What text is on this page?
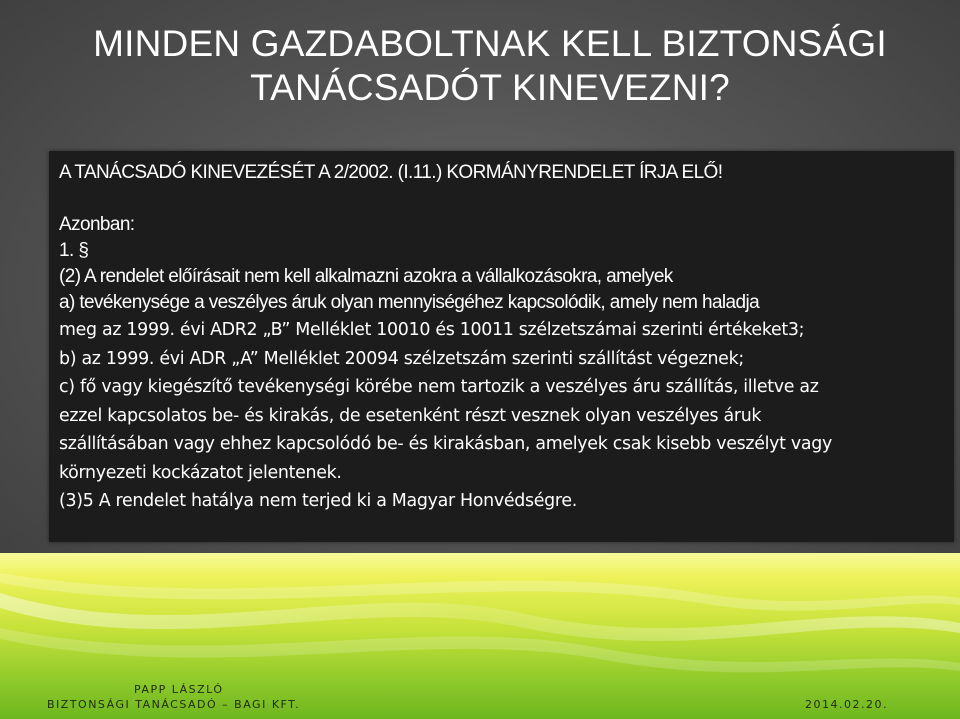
MINDEN GAZDABOLTNAK KELL BIZTONSÁGI
TANÁCSADÓT KINEVEZNI?

A TANÁCSADÓ KINEVEZÉSÉT A 2/2002. (I.11.) KORMÁNYRENDELET ÍRJA ELŐ!

Azonban:

1. §

(2) A rendelet előírásait nem kell alkalmazni azokra a vállalkozásokra, amelyek

a) tevékenysége a veszélyes áruk olyan mennyiségéhez kapcsolódik, amely nem haladja

meg az 1999. évi ADR2 „B” Melléklet 10010 és 10011 szélzetszámai szerinti értékeket3;

b) az 1999. évi ADR „A” Melléklet 20094 szélzetszám szerinti szállítást végeznek;

c) fő vagy kiegészítő tevékenységi körébe nem tartozik a veszélyes áru szállítás, illetve az

ezzel kapcsolatos be- és kirakás, de esetenként részt vesznek olyan veszélyes áruk

szállításában vagy ehhez kapcsolódó be- és kirakásban, amelyek csak kisebb veszélyt vagy

környezeti kockázatot jelentenek.

(3)5 A rendelet hatálya nem terjed ki a Magyar Honvédségre.

PAPP LÁSZLÓ
BIZTONSÁGI TANÁCSADÓ – BAGI KFT.	2014.02.20.
